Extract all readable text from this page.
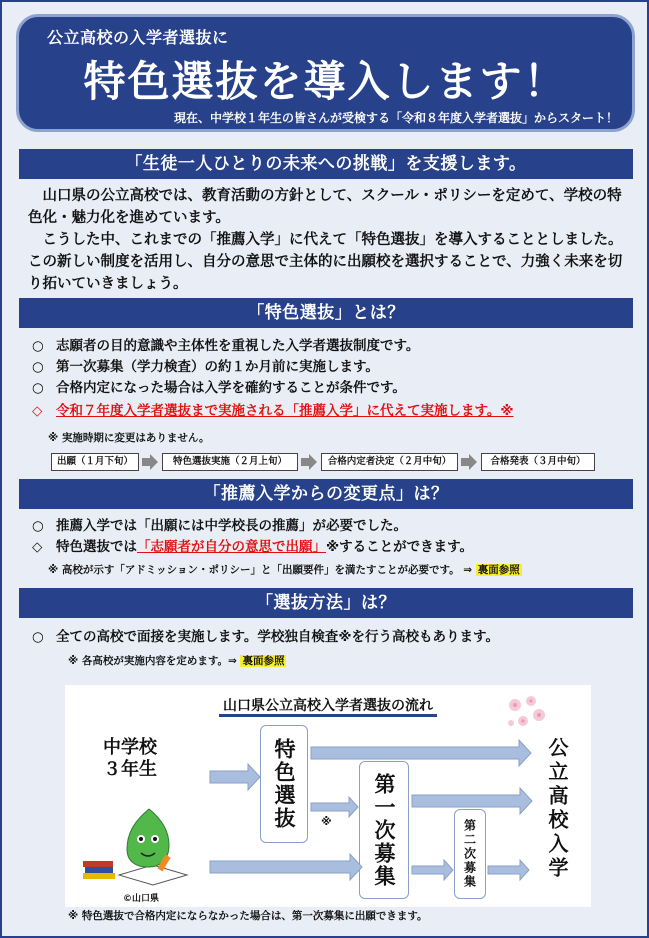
公立高校の入学者選抜に
特色選抜を導入します！
現在、中学校１年生の皆さんが受検する「令和８年度入学者選抜」からスタート！
「生徒一人ひとりの未来への挑戦」を支援します。
山口県の公立高校では、教育活動の方針として、スクール・ポリシーを定めて、学校の特色化・魅力化を進めています。
こうした中、これまでの「推薦入学」に代えて「特色選抜」を導入することとしました。この新しい制度を活用し、自分の意思で主体的に出願校を選択することで、力強く未来を切り拓いていきましょう。
「特色選抜」とは？
○ 志願者の目的意識や主体性を重視した入学者選抜制度です。
○ 第一次募集（学力検査）の約１か月前に実施します。
○ 合格内定になった場合は入学を確約することが条件です。
◇ 令和７年度入学者選抜まで実施される「推薦入学」に代えて実施します。※
※ 実施時期に変更はありません。
出願（１月下旬）	特色選抜実施（２月上旬）	合格内定者決定（２月中旬）	合格発表（３月中旬）
「推薦入学からの変更点」は？
○ 推薦入学では「出願には中学校長の推薦」が必要でした。
◇ 特色選抜では「志願者が自分の意思で出願」※することができます。
※ 高校が示す「アドミッション・ポリシー」と「出願要件」を満たすことが必要です。 ⇒ 裏面参照
「選抜方法」は？
○ 全ての高校で面接を実施します。学校独自検査※を行う高校もあります。
※ 各高校が実施内容を定めます。⇒ 裏面参照
山口県公立高校入学者選抜の流れ
中学校
３年生	特色選抜	第一次募集	第二次募集	公立高校入学
※
©山口県
※ 特色選抜で合格内定にならなかった場合は、第一次募集に出願できます。
